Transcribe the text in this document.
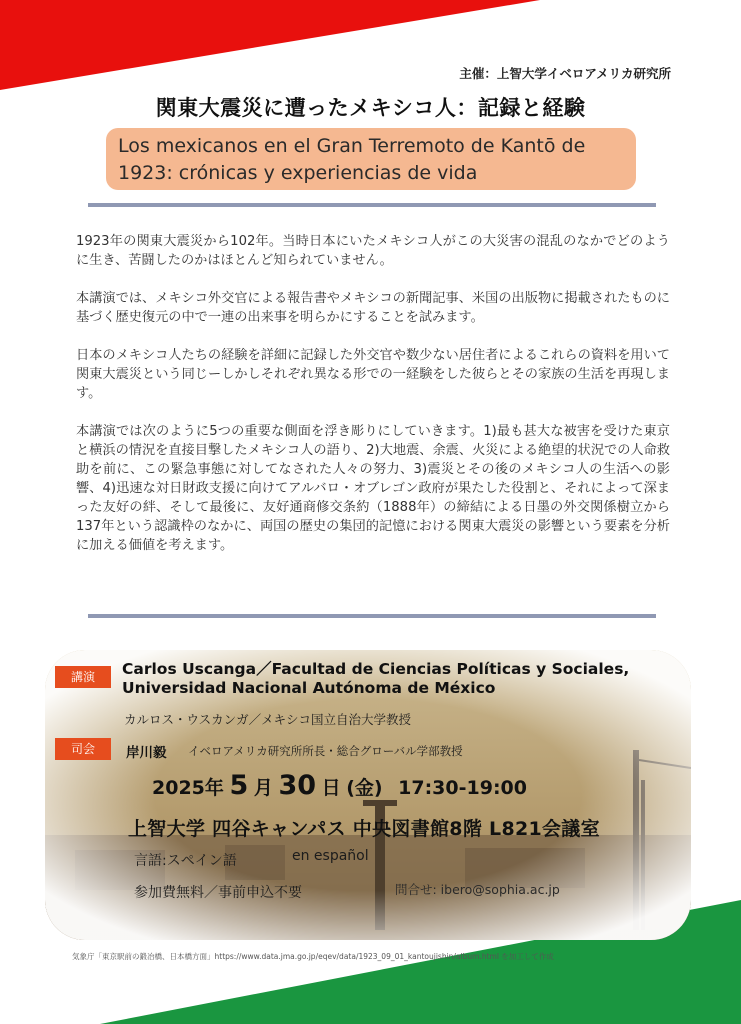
主催：上智大学イベロアメリカ研究所
関東大震災に遭ったメキシコ人：記録と経験
Los mexicanos en el Gran Terremoto de Kantō de 1923: crónicas y experiencias de vida

1923年の関東大震災から102年。当時日本にいたメキシコ人がこの大災害の混乱のなかでどのように生き、苦闘したのかはほとんど知られていません。

本講演では、メキシコ外交官による報告書やメキシコの新聞記事、米国の出版物に掲載されたものに基づく歴史復元の中で一連の出来事を明らかにすることを試みます。

日本のメキシコ人たちの経験を詳細に記録した外交官や数少ない居住者によるこれらの資料を用いて関東大震災という同じーしかしそれぞれ異なる形での一経験をした彼らとその家族の生活を再現します。

本講演では次のように5つの重要な側面を浮き彫りにしていきます。1)最も甚大な被害を受けた東京と横浜の情況を直接目撃したメキシコ人の語り、2)大地震、余震、火災による絶望的状況での人命救助を前に、この緊急事態に対してなされた人々の努力、3)震災とその後のメキシコ人の生活への影響、4)迅速な対日財政支援に向けてアルバロ・オブレゴン政府が果たした役割と、それによって深まった友好の絆、そして最後に、友好通商修交条約（1888年）の締結による日墨の外交関係樹立から137年という認識枠のなかに、両国の歴史の集団的記憶における関東大震災の影響という要素を分析に加える価値を考えます。

講演	Carlos Uscanga／Facultad de Ciencias Políticas y Sociales, Universidad Nacional Autónoma de México
カルロス・ウスカンガ／メキシコ国立自治大学教授
司会	岸川毅 イベロアメリカ研究所所長・総合グローバル学部教授
2025年 5 月 30 日 (金) 17:30-19:00
上智大学 四谷キャンパス 中央図書館8階 L821会議室
言語:スペイン語	en español
参加費無料／事前申込不要	問合せ: ibero@sophia.ac.jp
気象庁「東京駅前の鍛冶橋、日本橋方面」https://www.data.jma.go.jp/eqev/data/1923_09_01_kantoujishin/album.html を加工して作成
